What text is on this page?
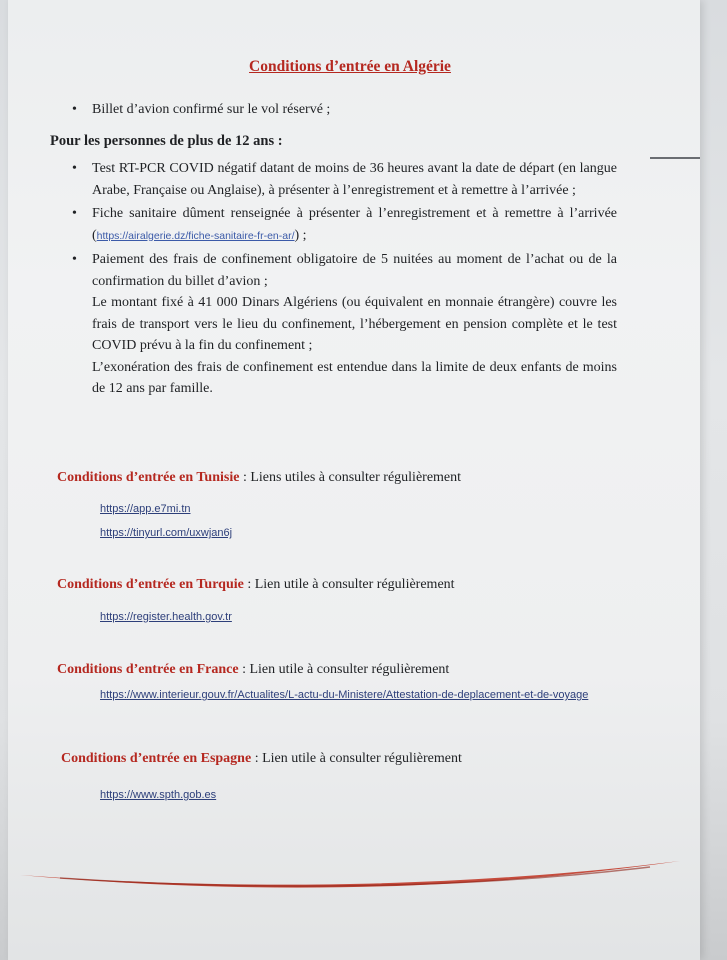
Conditions d’entrée en Algérie
• Billet d’avion confirmé sur le vol réservé ;
Pour les personnes de plus de 12 ans :
• Test RT-PCR COVID négatif datant de moins de 36 heures avant la date de départ (en langue Arabe, Française ou Anglaise), à présenter à l’enregistrement et à remettre à l’arrivée ;
• Fiche sanitaire dûment renseignée à présenter à l’enregistrement et à remettre à l’arrivée (https://airalgerie.dz/fiche-sanitaire-fr-en-ar/) ;
• Paiement des frais de confinement obligatoire de 5 nuitées au moment de l’achat ou de la confirmation du billet d’avion ;
Le montant fixé à 41 000 Dinars Algériens (ou équivalent en monnaie étrangère) couvre les frais de transport vers le lieu du confinement, l’hébergement en pension complète et le test COVID prévu à la fin du confinement ;
L’exonération des frais de confinement est entendue dans la limite de deux enfants de moins de 12 ans par famille.
Conditions d’entrée en Tunisie : Liens utiles à consulter régulièrement
https://app.e7mi.tn
https://tinyurl.com/uxwjan6j
Conditions d’entrée en Turquie : Lien utile à consulter régulièrement
https://register.health.gov.tr
Conditions d’entrée en France : Lien utile à consulter régulièrement
https://www.interieur.gouv.fr/Actualites/L-actu-du-Ministere/Attestation-de-deplacement-et-de-voyage
Conditions d’entrée en Espagne : Lien utile à consulter régulièrement
https://www.spth.gob.es
